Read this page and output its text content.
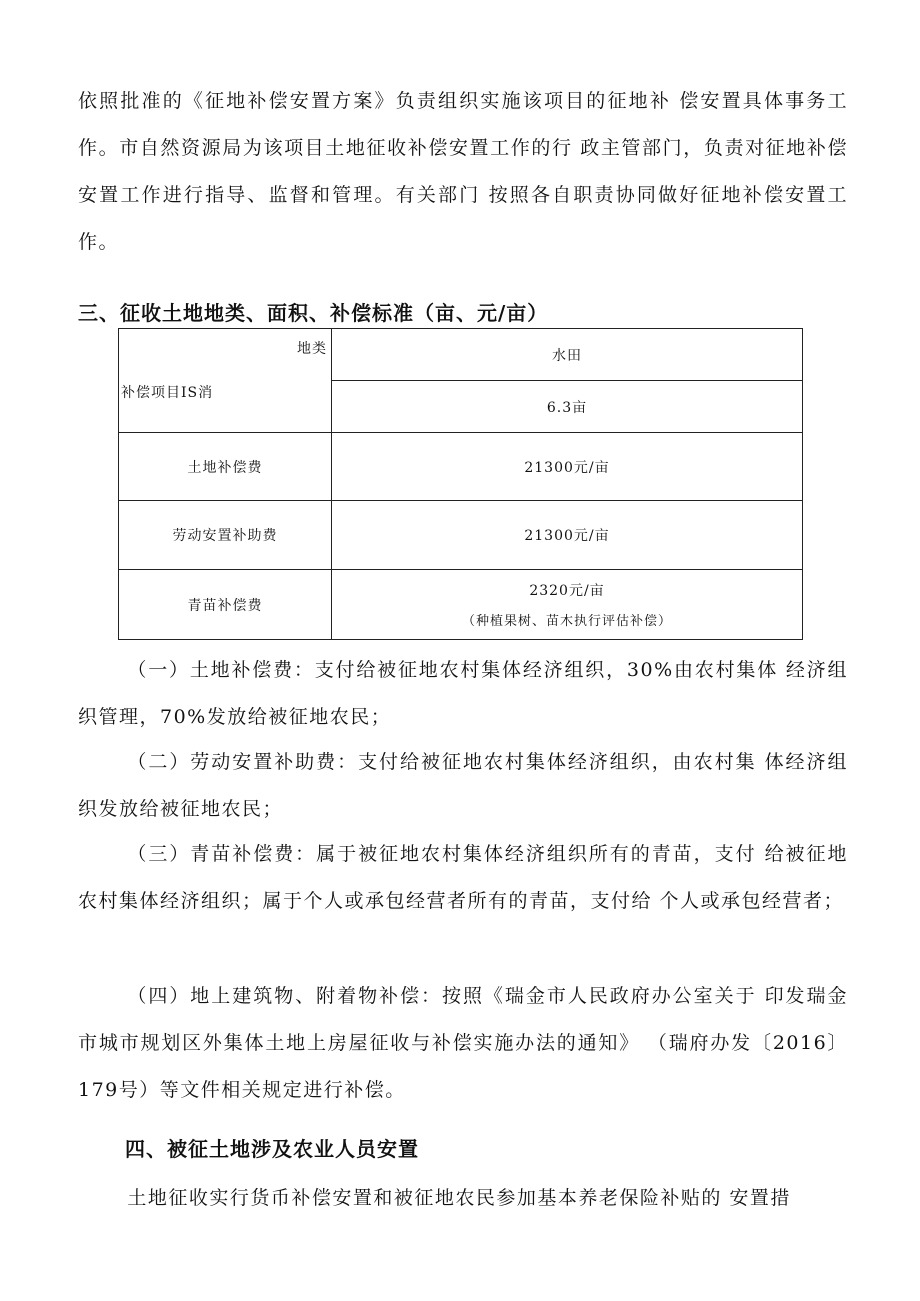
依照批准的《征地补偿安置方案》负责组织实施该项目的征地补 偿安置具体事务工作。市自然资源局为该项目土地征收补偿安置工作的行 政主管部门，负责对征地补偿安置工作进行指导、监督和管理。有关部门 按照各自职责协同做好征地补偿安置工作。

三、征收土地地类、面积、补偿标准（亩、元/亩）
地类
补偿项目IS消	水田
	6.3亩
土地补偿费	21300元/亩
劳动安置补助费	21300元/亩
青苗补偿费	2320元/亩
（种植果树、苗木执行评估补偿）

（一）土地补偿费：支付给被征地农村集体经济组织，30%由农村集体 经济组织管理，70%发放给被征地农民；

（二）劳动安置补助费：支付给被征地农村集体经济组织，由农村集 体经济组织发放给被征地农民；

（三）青苗补偿费：属于被征地农村集体经济组织所有的青苗，支付 给被征地农村集体经济组织；属于个人或承包经营者所有的青苗，支付给 个人或承包经营者；

（四）地上建筑物、附着物补偿：按照《瑞金市人民政府办公室关于 印发瑞金市城市规划区外集体土地上房屋征收与补偿实施办法的通知》 （瑞府办发〔2016〕 179号）等文件相关规定进行补偿。

四、被征土地涉及农业人员安置

土地征收实行货币补偿安置和被征地农民参加基本养老保险补贴的 安置措
